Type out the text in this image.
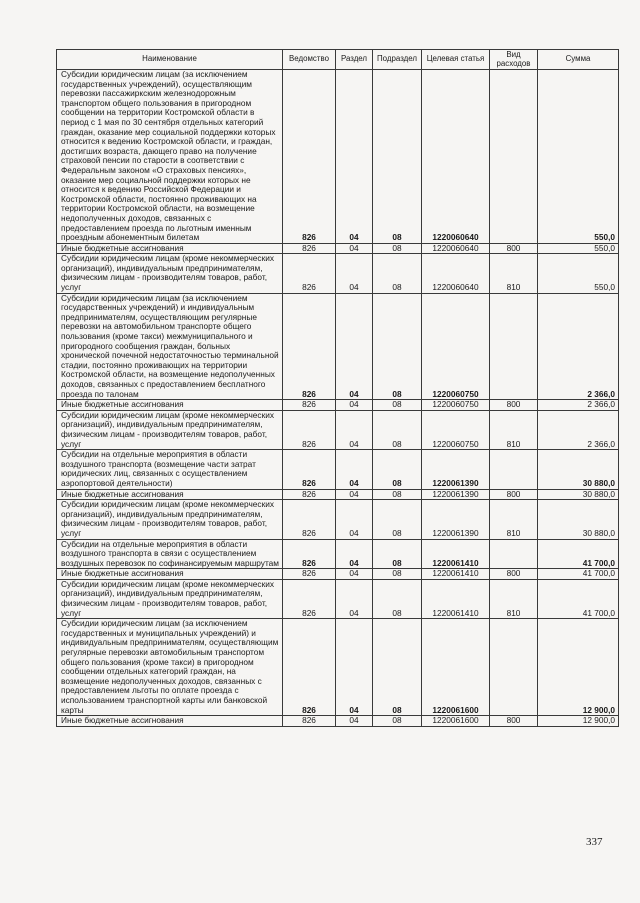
Наименование	Ведомство	Раздел	Подраздел	Целевая статья	Вид расходов	Сумма
Субсидии юридическим лицам (за исключением государственных учреждений), осуществляющим перевозки пассажиркским железнодорожным транспортом общего пользования в пригородном сообщении на территории Костромской области в период с 1 мая по 30 сентября отдельных категорий граждан, оказание мер социальной поддержки которых относится к ведению Костромской области, и граждан, достигших возраста, дающего право на получение страховой пенсии по старости в соответствии с Федеральным законом «О страховых пенсиях», оказание мер социальной поддержки которых не относится к ведению Российской Федерации и Костромской области, постоянно проживающих на территории Костромской области, на возмещение недополученных доходов, связанных с предоставлением проезда по льготным именным проездным абонементным билетам	826	04	08	1220060640		550,0
Иные бюджетные ассигнования	826	04	08	1220060640	800	550,0
Субсидии юридическим лицам (кроме некоммерческих организаций), индивидуальным предпринимателям, физическим лицам - производителям товаров, работ, услуг	826	04	08	1220060640	810	550,0
Субсидии юридическим лицам (за исключением государственных учреждений) и индивидуальным предпринимателям, осуществляющим регулярные перевозки на автомобильном транспорте общего пользования (кроме такси) межмуниципального и пригородного сообщения граждан, больных хронической почечной недостаточностью терминальной стадии, постоянно проживающих на территории Костромской области, на возмещение недополученных доходов, связанных с предоставлением бесплатного проезда по талонам	826	04	08	1220060750		2 366,0
Иные бюджетные ассигнования	826	04	08	1220060750	800	2 366,0
Субсидии юридическим лицам (кроме некоммерческих организаций), индивидуальным предпринимателям, физическим лицам - производителям товаров, работ, услуг	826	04	08	1220060750	810	2 366,0
Субсидии на отдельные мероприятия в области воздушного транспорта (возмещение части затрат юридических лиц, связанных с осуществлением аэропортовой деятельности)	826	04	08	1220061390		30 880,0
Иные бюджетные ассигнования	826	04	08	1220061390	800	30 880,0
Субсидии юридическим лицам (кроме некоммерческих организаций), индивидуальным предпринимателям, физическим лицам - производителям товаров, работ, услуг	826	04	08	1220061390	810	30 880,0
Субсидии на отдельные мероприятия в области воздушного транспорта в связи с осуществлением воздушных перевозок по софинансируемым маршрутам	826	04	08	1220061410		41 700,0
Иные бюджетные ассигнования	826	04	08	1220061410	800	41 700,0
Субсидии юридическим лицам (кроме некоммерческих организаций), индивидуальным предпринимателям, физическим лицам - производителям товаров, работ, услуг	826	04	08	1220061410	810	41 700,0
Субсидии юридическим лицам (за исключением государственных и муниципальных учреждений) и индивидуальным предпринимателям, осуществляющим регулярные перевозки автомобильным транспортом общего пользования (кроме такси) в пригородном сообщении отдельных категорий граждан, на возмещение недополученных доходов, связанных с предоставлением льготы по оплате проезда с использованием транспортной карты или банковской карты	826	04	08	1220061600		12 900,0
Иные бюджетные ассигнования	826	04	08	1220061600	800	12 900,0
337
